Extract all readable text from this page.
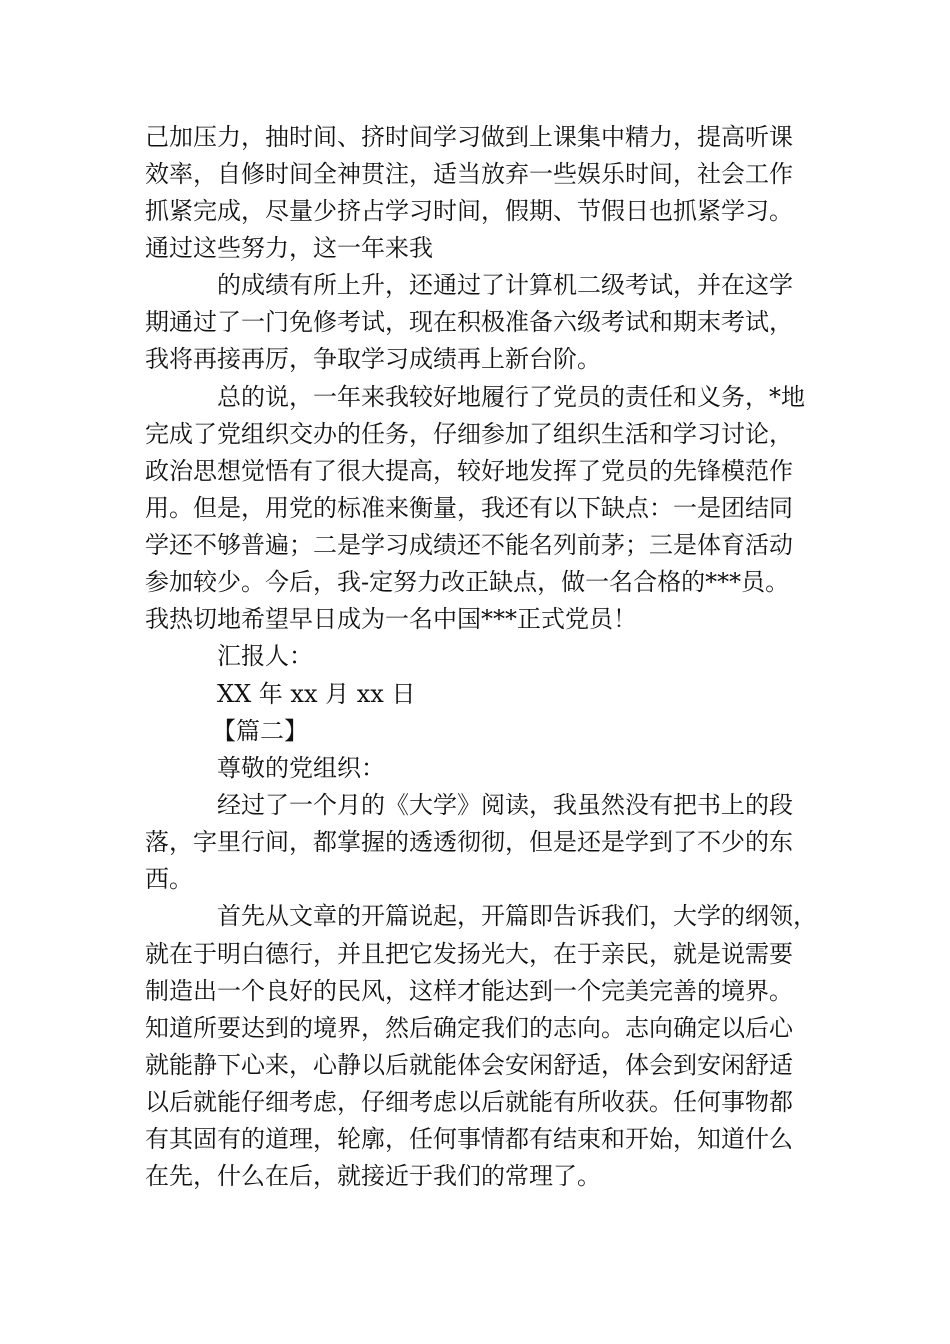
己加压力，抽时间、挤时间学习做到上课集中精力，提高听课

效率，自修时间全神贯注，适当放弃一些娱乐时间，社会工作

抓紧完成，尽量少挤占学习时间，假期、节假日也抓紧学习。

通过这些努力，这一年来我

的成绩有所上升，还通过了计算机二级考试，并在这学

期通过了一门免修考试，现在积极准备六级考试和期末考试，

我将再接再厉，争取学习成绩再上新台阶。

总的说，一年来我较好地履行了党员的责任和义务，*地

完成了党组织交办的任务，仔细参加了组织生活和学习讨论，

政治思想觉悟有了很大提高，较好地发挥了党员的先锋模范作

用。但是，用党的标准来衡量，我还有以下缺点：一是团结同

学还不够普遍；二是学习成绩还不能名列前茅；三是体育活动

参加较少。今后，我-定努力改正缺点，做一名合格的***员。

我热切地希望早日成为一名中国***正式党员！

汇报人：

XX 年 xx 月 xx 日

【篇二】

尊敬的党组织：

经过了一个月的《大学》阅读，我虽然没有把书上的段

落，字里行间，都掌握的透透彻彻，但是还是学到了不少的东

西。

首先从文章的开篇说起，开篇即告诉我们，大学的纲领，

就在于明白德行，并且把它发扬光大，在于亲民，就是说需要

制造出一个良好的民风，这样才能达到一个完美完善的境界。

知道所要达到的境界，然后确定我们的志向。志向确定以后心

就能静下心来，心静以后就能体会安闲舒适，体会到安闲舒适

以后就能仔细考虑，仔细考虑以后就能有所收获。任何事物都

有其固有的道理，轮廓，任何事情都有结束和开始，知道什么

在先，什么在后，就接近于我们的常理了。
